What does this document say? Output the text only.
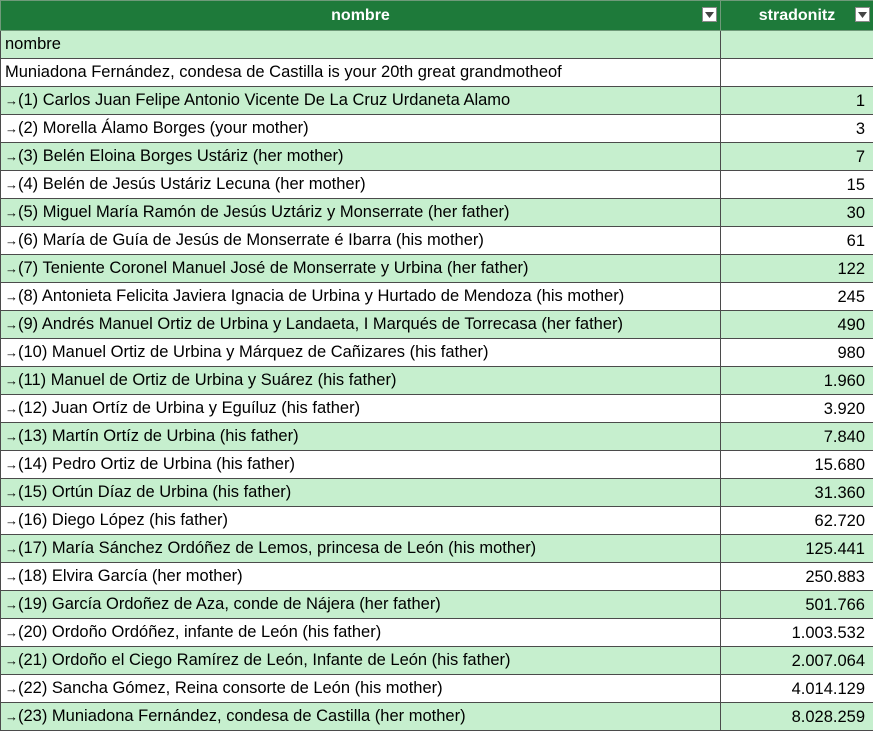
nombre	stradonitz

nombre	
Muniadona Fernández, condesa de Castilla is your 20th great grandmotheof	
→(1) Carlos Juan Felipe Antonio Vicente De La Cruz Urdaneta Alamo	1
→(2) Morella Álamo Borges (your mother)	3
→(3) Belén Eloina Borges Ustáriz (her mother)	7
→(4) Belén de Jesús Ustáriz Lecuna (her mother)	15
→(5) Miguel María Ramón de Jesús Uztáriz y Monserrate (her father)	30
→(6) María de Guía de Jesús de Monserrate é Ibarra (his mother)	61
→(7) Teniente Coronel Manuel José de Monserrate y Urbina (her father)	122
→(8) Antonieta Felicita Javiera Ignacia de Urbina y Hurtado de Mendoza (his mother)	245
→(9) Andrés Manuel Ortiz de Urbina y Landaeta, I Marqués de Torrecasa (her father)	490
→(10) Manuel Ortiz de Urbina y Márquez de Cañizares (his father)	980
→(11) Manuel de Ortiz de Urbina y Suárez (his father)	1.960
→(12) Juan Ortíz de Urbina y Eguíluz (his father)	3.920
→(13) Martín Ortíz de Urbina (his father)	7.840
→(14) Pedro Ortiz de Urbina (his father)	15.680
→(15) Ortún Díaz de Urbina (his father)	31.360
→(16) Diego López (his father)	62.720
→(17) María Sánchez Ordóñez de Lemos, princesa de León (his mother)	125.441
→(18) Elvira García (her mother)	250.883
→(19) García Ordoñez de Aza, conde de Nájera (her father)	501.766
→(20) Ordoño Ordóñez, infante de León (his father)	1.003.532
→(21) Ordoño el Ciego Ramírez de León, Infante de León (his father)	2.007.064
→(22) Sancha Gómez, Reina consorte de León (his mother)	4.014.129
→(23) Muniadona Fernández, condesa de Castilla (her mother)	8.028.259
